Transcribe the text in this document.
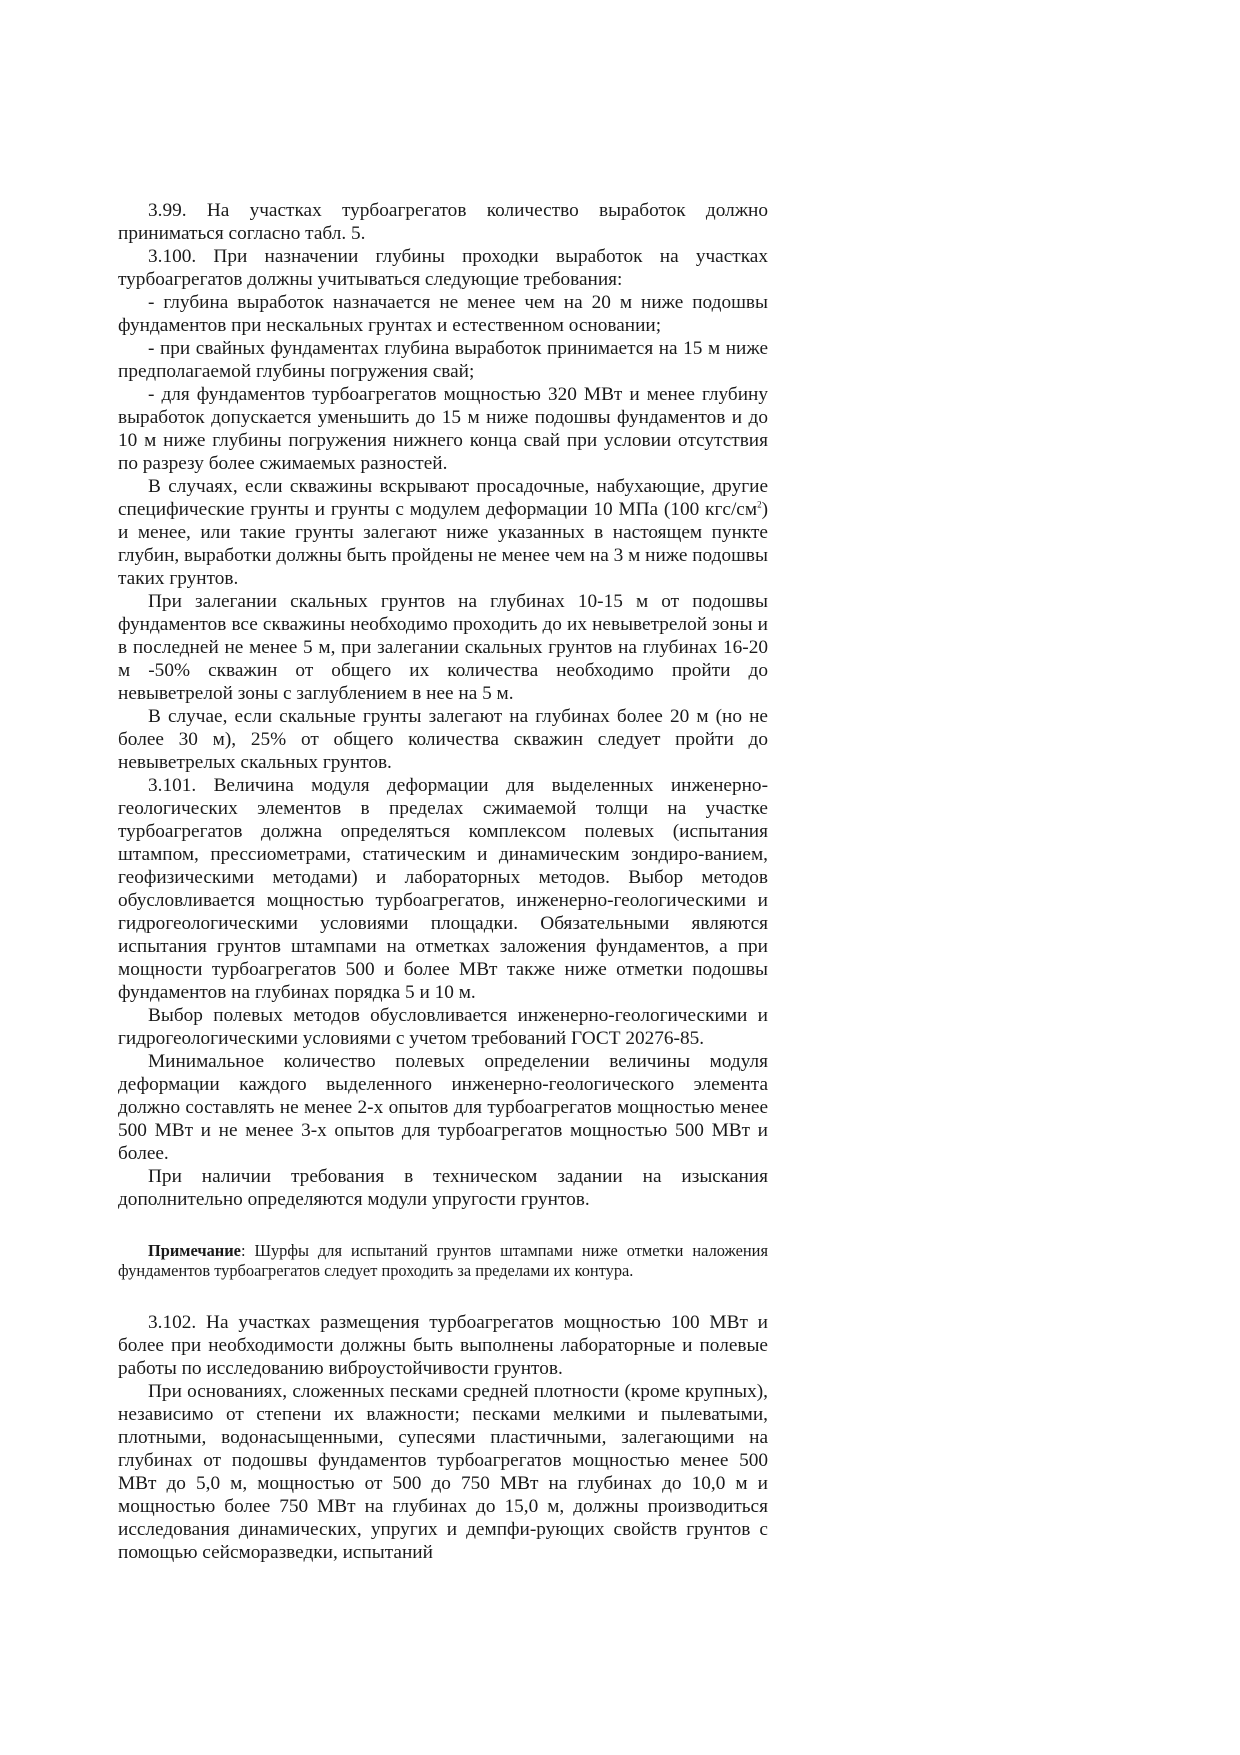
3.99. На участках турбоагрегатов количество выработок должно приниматься согласно табл. 5.

3.100. При назначении глубины проходки выработок на участках турбоагрегатов должны учитываться следующие требования:

- глубина выработок назначается не менее чем на 20 м ниже подошвы фундаментов при нескальных грунтах и естественном основании;

- при свайных фундаментах глубина выработок принимается на 15 м ниже предполагаемой глубины погружения свай;

- для фундаментов турбоагрегатов мощностью 320 МВт и менее глубину выработок допускается уменьшить до 15 м ниже подошвы фундаментов и до 10 м ниже глубины погружения нижнего конца свай при условии отсутствия по разрезу более сжимаемых разностей.

В случаях, если скважины вскрывают просадочные, набухающие, другие специфические грунты и грунты с модулем деформации 10 МПа (100 кгс/$см^2$) и менее, или такие грунты залегают ниже указанных в настоящем пункте глубин, выработки должны быть пройдены не менее чем на 3 м ниже подошвы таких грунтов.

При залегании скальных грунтов на глубинах 10-15 м от подошвы фундаментов все скважины необходимо проходить до их невыветрелой зоны и в последней не менее 5 м, при залегании скальных грунтов на глубинах 16-20 м -50% скважин от общего их количества необходимо пройти до невыветрелой зоны с заглублением в нее на 5 м.

В случае, если скальные грунты залегают на глубинах более 20 м (но не более 30 м), 25% от общего количества скважин следует пройти до невыветрелых скальных грунтов.

3.101. Величина модуля деформации для выделенных инженерно-геологических элементов в пределах сжимаемой толщи на участке турбоагрегатов должна определяться комплексом полевых (испытания штампом, прессиометрами, статическим и динамическим зондиро-ванием, геофизическими методами) и лабораторных методов. Выбор методов обусловливается мощностью турбоагрегатов, инженерно-геологическими и гидрогеологическими условиями площадки. Обязательными являются испытания грунтов штампами на отметках заложения фундаментов, а при мощности турбоагрегатов 500 и более МВт также ниже отметки подошвы фундаментов на глубинах порядка 5 и 10 м.

Выбор полевых методов обусловливается инженерно-геологическими и гидрогеологическими условиями с учетом требований ГОСТ 20276-85.

Минимальное количество полевых определении величины модуля деформации каждого выделенного инженерно-геологического элемента должно составлять не менее 2-х опытов для турбоагрегатов мощностью менее 500 МВт и не менее 3-х опытов для турбоагрегатов мощностью 500 МВт и более.

При наличии требования в техническом задании на изыскания дополнительно определяются модули упругости грунтов.

Примечание: Шурфы для испытаний грунтов штампами ниже отметки наложения фундаментов турбоагрегатов следует проходить за пределами их контура.

3.102. На участках размещения турбоагрегатов мощностью 100 МВт и более при необходимости должны быть выполнены лабораторные и полевые работы по исследованию виброустойчивости грунтов.

При основаниях, сложенных песками средней плотности (кроме крупных), независимо от степени их влажности; песками мелкими и пылеватыми, плотными, водонасыщенными, супесями пластичными, залегающими на глубинах от подошвы фундаментов турбоагрегатов мощностью менее 500 МВт до 5,0 м, мощностью от 500 до 750 МВт на глубинах до 10,0 м и мощностью более 750 МВт на глубинах до 15,0 м, должны производиться исследования динамических, упругих и демпфи-рующих свойств грунтов с помощью сейсморазведки, испытаний
